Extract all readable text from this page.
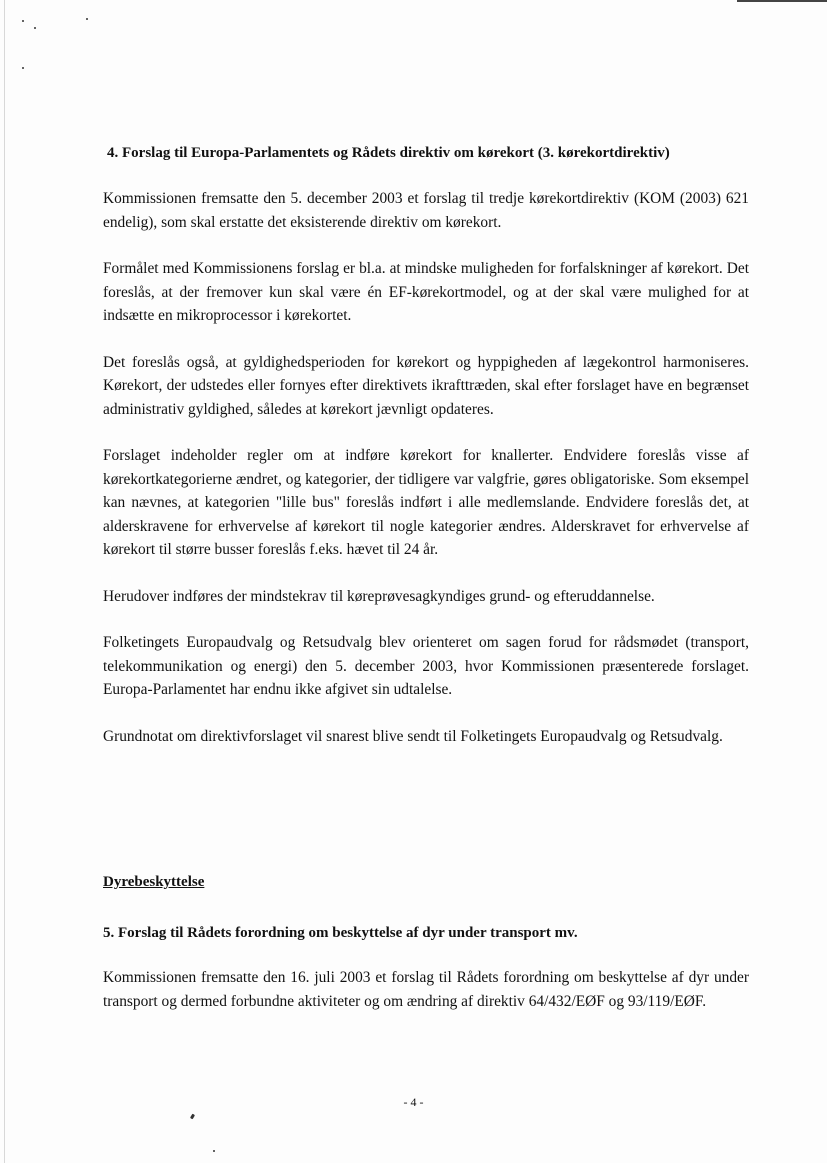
4. Forslag til Europa-Parlamentets og Rådets direktiv om kørekort (3. kørekortdirektiv)

Kommissionen fremsatte den 5. december 2003 et forslag til tredje kørekortdirektiv (KOM (2003) 621 endelig), som skal erstatte det eksisterende direktiv om kørekort.

Formålet med Kommissionens forslag er bl.a. at mindske muligheden for forfalskninger af kørekort. Det foreslås, at der fremover kun skal være én EF-kørekortmodel, og at der skal være mulighed for at indsætte en mikroprocessor i kørekortet.

Det foreslås også, at gyldighedsperioden for kørekort og hyppigheden af lægekontrol harmoniseres. Kørekort, der udstedes eller fornyes efter direktivets ikrafttræden, skal efter forslaget have en begrænset administrativ gyldighed, således at kørekort jævnligt opdateres.

Forslaget indeholder regler om at indføre kørekort for knallerter. Endvidere foreslås visse af kørekortkategorierne ændret, og kategorier, der tidligere var valgfrie, gøres obligatoriske. Som eksempel kan nævnes, at kategorien "lille bus" foreslås indført i alle medlemslande. Endvidere foreslås det, at alderskravene for erhvervelse af kørekort til nogle kategorier ændres. Alderskravet for erhvervelse af kørekort til større busser foreslås f.eks. hævet til 24 år.

Herudover indføres der mindstekrav til køreprøvesagkyndiges grund- og efteruddannelse.

Folketingets Europaudvalg og Retsudvalg blev orienteret om sagen forud for rådsmødet (transport, telekommunikation og energi) den 5. december 2003, hvor Kommissionen præsenterede forslaget. Europa-Parlamentet har endnu ikke afgivet sin udtalelse.

Grundnotat om direktivforslaget vil snarest blive sendt til Folketingets Europaudvalg og Retsudvalg.

Dyrebeskyttelse
5. Forslag til Rådets forordning om beskyttelse af dyr under transport mv.

Kommissionen fremsatte den 16. juli 2003 et forslag til Rådets forordning om beskyttelse af dyr under transport og dermed forbundne aktiviteter og om ændring af direktiv 64/432/EØF og 93/119/EØF.

- 4 -
